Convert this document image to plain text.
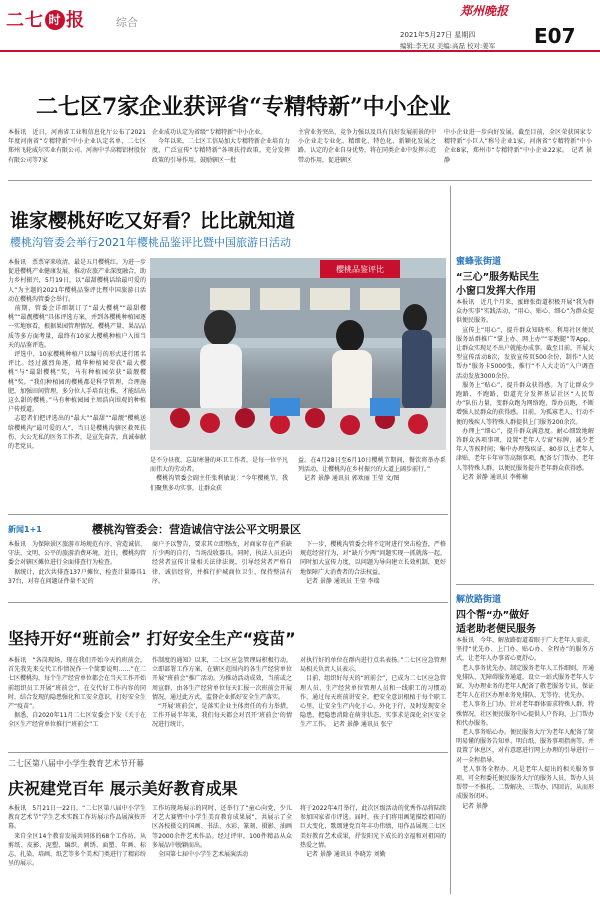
二七 时 报	综合
郑州晚报
2021年5月27日 星期四
编辑:李无双 美编:高磊 校对:姜军 E07
二七区7家企业获评省“专精特新”中小企业
本报讯　近日，河南省工业和信息化厅公布了2021年度河南省“专精特新”中小企业认定名单，二七区郑州飞轮威尔实业有限公司、河南中孚高精铝材股份有限公司等7家
企业成功认定为省级“专精特新”中小企业。
　今年以来，二七区工信局加大专精特新企业培育力度，广泛宣传“专精特新”各项扶持政策，充分发挥政策的引导作用，鼓励辖区一批
主营业务突出、竞争力强以及具有良好发展前景的中小企业走专业化、精细化、特色化、新颖化发展之路。认定的企业自身优势，将在同类企业中发挥示范带动作用，促进辖区
中小企业进一步向好发展。截至目前，全区荣获国家专精特新“小巨人”称号企业1家，河南省“专精特新”中小企业8家，郑州市“专精特新”中小企业22家。　记者 景静
谁家樱桃好吃又好看？比比就知道
樱桃沟管委会举行2021年樱桃品鉴评比暨中国旅游日活动
本报讯　票票穿来收清，最是五月樱桃红。为进一步促进樱桃产业健康发展，推动农旅产业深度融合，助力乡村振兴，5月19日，以“最甜樱桃话给最可爱的人”为主题的2021年樱桃品鉴评比暨中国旅游日活动在樱桃沟管委会举行。
　前期，管委会详细制订了“最大樱桃”“最甜樱桃”“最靓樱桃”具体评选方案，并到各樱桃种植园逐一实地察看，根据果园管理情况、樱桃产量、果品品质等多方面考量，最终有10家大樱桃种植户入围当天的品鉴评选。
　评选中，10家樱桃种植户以编号的形式进行匿名评比。经过激烈角逐，精华种植园荣获“最大樱桃”与“最甜樱桃”奖，马有种植园荣获“最靓樱桃”奖。“我们种植园的樱桃都是科学管理、合理施肥，加强田间管理，多分位人手培育壮株，才能结出这么甜的樱桃。”马有种植园园主周浩向围观的种植户传授道。
　志愿者们把评选出的“最大”“最甜”“最靓”樱桃送给樱桃沟“最可爱的人”，当日是樱桃沟辖区救死扶伤、大公无私的医务工作者，是宣先奋苦，真诚奉献的老党员，
樱桃品鉴评比
是不分昼夜、忘却寒暑的环卫工作者，是每一位平凡而伟大的劳动者。
　樱桃沟管委会副主任张利敏说：“今年樱桃节，我们聚焦多功实事，让群众获
益。在4月28日至6月10日樱桃节期间，餐饮将举办系列活动，让樱桃沟在乡村振兴的大道上阔步前行。”
　记者 景静 通讯员 郭欢丽 王莹 文/图
新闻1+1	樱桃沟管委会：营造诚信守法公平文明景区
本报讯　为保障景区旅游市场规范有序，营造诚信、守法、文明、公平的旅游消费环境，近日，樱桃沟管委会对辖区摊位进行全面排查行为检查。
　据统计，此次共排查137户摊位，检查计量器具137台，对存在问题证件量不足的
商户予以警告，要求其立即整改，对商家存在严重缺斤少两的自行，当场没收器具。同时，执法人员还向经营者宣传计量相关法律法规，引导经营者严格自律、诚信经营，并推行护城商位卫生，保持整洁有序。
　下一步，樱桃沟管委会将不定时进行突击检查，严格规范经营行为，对“缺斤少两”问题实现一抓就落一起，同时加大宣传力度，以问题为导向建立长效机制，更好地保障广大消费者的合法权益。
　记者 景静 通讯员 王莹 李瑞
坚持开好“班前会” 打好安全生产“疫苗”
本报讯　“各岗现场，现在我们开始今天的班前会，首先我先来交代工作情况作一个简要说明……”在二七区樱桃沟，每个生产经营单位都会在当天工作开始前组织员工开展“班前会”，在交代好工作内容的同时，结合发现的隐患强化和工安全意识，打好安全生产“疫苗”。
　据悉，自2020年11月二七区安委会下发《关于在全区生产经营单位推行“班前会”工
作制度的通知》以来，二七区应急管理局积极行动，立即部署工作方案，在辖区范围内的各生产经营单位开展“班前会”推广活动。为推动活动成效，当前或之周宣群，由各生产经营单位每天汇报一次班前会开展情况，通过此方式，监督企业抓好安全生产落实。
　“开展‘班前会’，是落实企业主体责任的有力举措，工作开展半年来，我们每天都会对召开‘班前会’的情况进行统计，
对执行好的单位在群内进行点名表扬。”二七区应急管理局相关负责人员表示。
　目前，组织好每天的“班前会”，已成为二七区应急管理人员、生产经营单位管理人员和一线职工的习惯动作，通过每天班前讲安全，把安全意识根植于每个职工心里，让安全生产内化于心、外化于行，及时发现安全隐患，把隐患消除在萌芽状态，实事求是深化全区安全生产工作。　记者 景静 通讯员 张宁
二七区第八届中小学生教育艺术节开幕
庆祝建党百年 展示美好教育成果
本报讯　5月21日一22日，“二七区第八届中小学生教育艺术节”学生艺术实践工作坊展示作品展演按开幕。
　来自全区14个教育发展共同体的68个工作坊，从剪纸、皮影、泥塑、编织、刺绣、面塑、年画、标志、扎染、培画、纸艺等多个美术门类进行了精彩纷呈的展示。
工作坊现场展示的同时，还举行了“童心向党，少儿才艺大赛暨中小学生美育教育成果展”，共展示了全区各校摄交的国画、书法、水彩、篆刻、摄影、油画等2000余件艺术作品。经过评审，100件精品从众多展品中脱颖而出。
　全国第七届中小学生艺术展演活动
将于2022年4月举行，此次区级活动的优秀作品将陆续参加国家省市评选。届时，孩子们将用画笔描绘祖国的巨大变化，歌颂建党百年丰功伟绩，用作品展现二七区美好教育艺术成果，抒发阳光下成长的幸福和对祖国的热爱之情。
　记者 景静 通讯员 李晓芳 刘勤
蜜蜂张街道
“三心”服务贴民生
小窗口发挥大作用
本报讯　近几个月来，蜜蜂张街道积极开展“我为群众办实事”实践活动，“用心、贴心、细心”为群众提供便民服务。
　宣传上“用心”，提升群众知晓率。利用社区便民服务站群推广“掌上办、网上办”“零跑腿”等App，让群众实现足不出户就能办成事。截至目前，开展大型宣传活动8次，发放宣传页500余份，制作“人民帮办”服务卡5000张，推行“不人大走访”入户调查活动发放3000余份。
　服务上“贴心”，提升群众获得感。为了让群众少跑路、不跑路，街道充分发挥基层社区“人民帮办”队伍力量，变群众跑为网络跑、帮办员跑，不断增强人民群众的获得感。目前，为孤寡老人、行动不便的残疾人等特殊人群提供上门服务200余次。
　办理上“细心”，提升群众满意度。耐心细致地解答群众各项事项，设置“老年人专窗”标牌，减少老年人等候时间；集中办理残疾证、80岁以上老年人津贴、老年卡年审等高频事项，配备专门帮办、老年人等特殊人群，以便民服务提升老年群众获得感。
　记者 景静 通讯员 李栋楠
解放路街道
四个帮“办”做好
适老助老便民服务
本报讯　今年，解放路街道着眼于广大老年人需求，坚持“优先办、上门办、贴心办、全程办”的服务方式，让老年人办事省心更舒心。
　老人事务优先办。制定服务老年人工作细则，开通免排队、无障碍服务通道，设立一站式服务老年人专窗，为办理业务的老年人配备了敬老服务专员，保证老年人在社区办理业务免排队、无等待、优先办。
　老人事务上门办。针对老年群体需求特殊人群，特殊情况，社区便民服务中心提供人户咨询、上门帮办和代办服务。
　老人事务贴心办。便民服务大厅为老年人配备了简明易懂的服务告知单、明白纸、服务事项指南等，并设置了休息区，对有意愿进行网上办理的引导进行一对一全程指导。
　老人事务全程办。凡是老年人提出的相关服务事项，可全程委托便民服务大厅的服务人员，帮办人员帮带一不推托、二帮解决、三帮办、四回访，从而形成服务闭环。
　记者 景静
